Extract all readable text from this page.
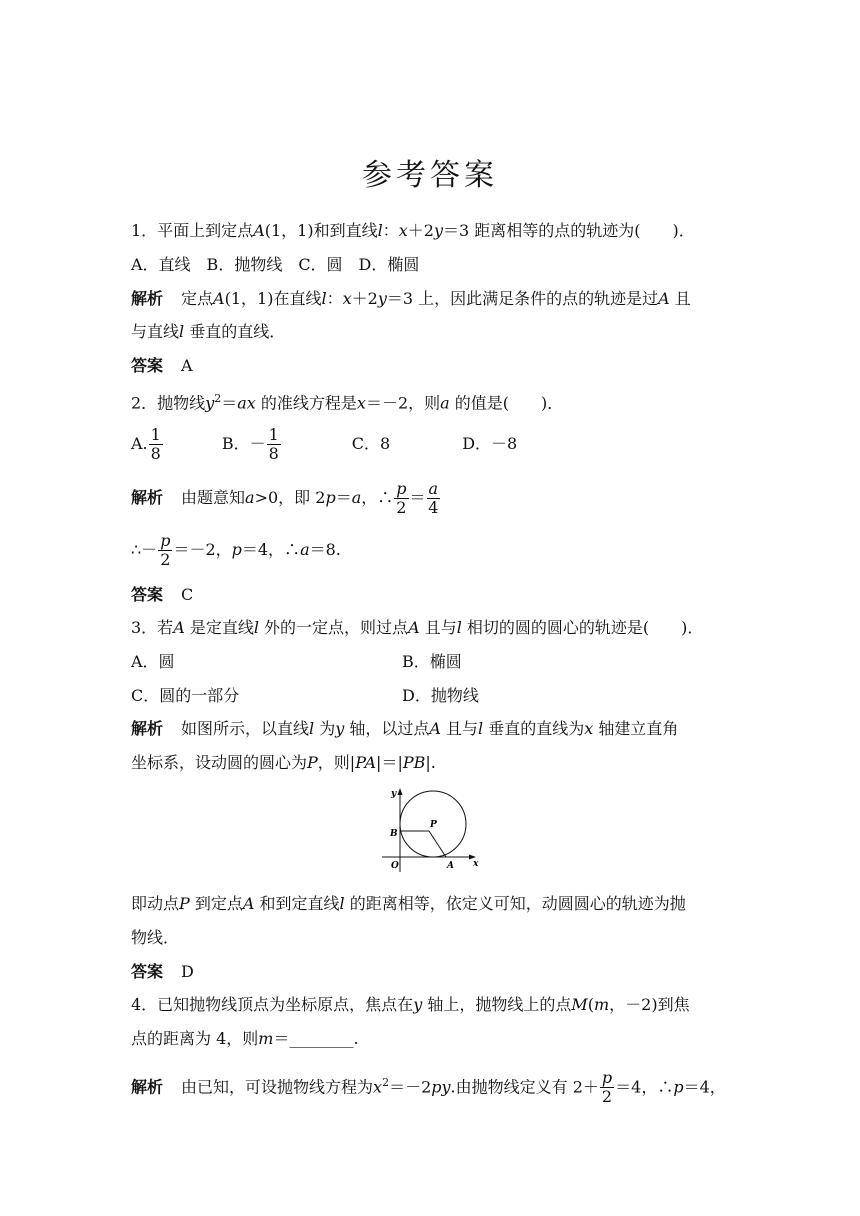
参考答案
1．平面上到定点A(1，1)和到直线l：x＋2y＝3 距离相等的点的轨迹为(　　)．
A．直线　B．抛物线　C．圆　D．椭圆
解析 定点A(1，1)在直线l：x＋2y＝3 上，因此满足条件的点的轨迹是过A 且
与直线l 垂直的直线．
答案 A
2．抛物线$y^2=ax$ 的准线方程是x＝－2，则a 的值是(　　)．
A. $\frac{1}{8}$	B．－ $\frac{1}{8}$	C．8	D．－8
解析 由题意知a>0，即 2p＝a，∴ $\frac{p}{2} = \frac{a}{4}$
∴－ $\frac{p}{2} =-2$，p＝4，∴a＝8.
答案 C
3．若A 是定直线l 外的一定点，则过点A 且与l 相切的圆的圆心的轨迹是(　　)．
A．圆	B．椭圆
C．圆的一部分	D．抛物线
解析 如图所示，以直线l 为y 轴，以过点A 且与l 垂直的直线为x 轴建立直角
坐标系，设动圆的圆心为P，则|PA|＝|PB|.
y
B
P
O	A x
即动点P 到定点A 和到定直线l 的距离相等，依定义可知，动圆圆心的轨迹为抛
物线．
答案 D
4．已知抛物线顶点为坐标原点，焦点在y 轴上，抛物线上的点M(m，－2)到焦
点的距离为 4，则m＝________.
解析 由已知，可设抛物线方程为$x^2=-2py$.由抛物线定义有 $2+ \frac{p}{2} =4$，∴p＝4，
